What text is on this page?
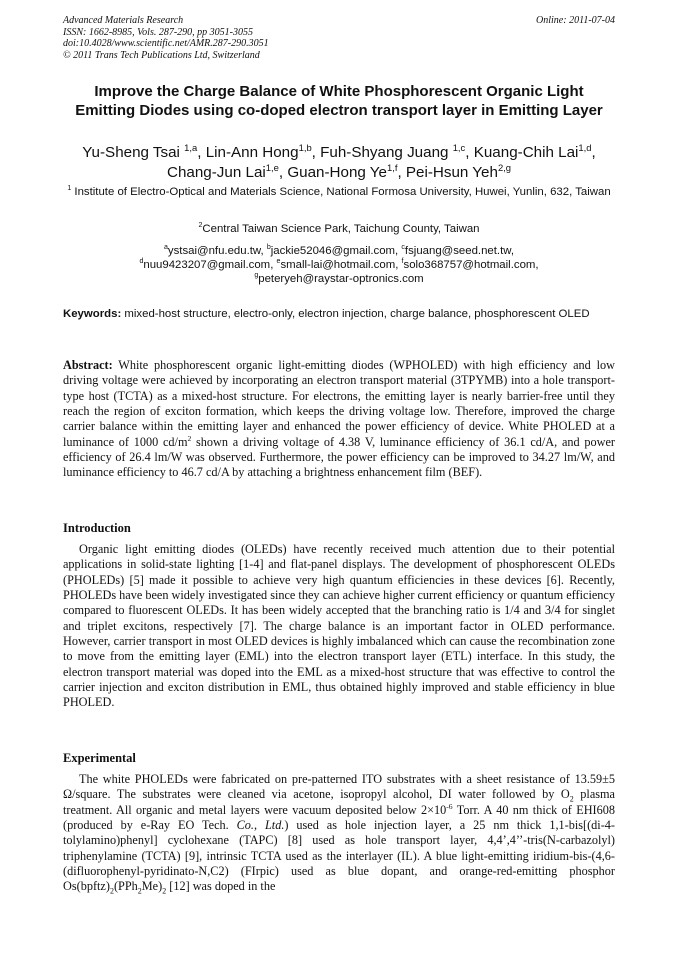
Advanced Materials Research
ISSN: 1662-8985, Vols. 287-290, pp 3051-3055
doi:10.4028/www.scientific.net/AMR.287-290.3051
© 2011 Trans Tech Publications Ltd, Switzerland
Online: 2011-07-04
Improve the Charge Balance of White Phosphorescent Organic Light Emitting Diodes using co-doped electron transport layer in Emitting Layer
Yu-Sheng Tsai $^{1,a}$, Lin-Ann Hong$^{1,b}$, Fuh-Shyang Juang $^{1,c}$, Kuang-Chih Lai$^{1,d}$,
Chang-Jun Lai$^{1,e}$, Guan-Hong Ye$^{1,f}$, Pei-Hsun Yeh$^{2,g}$
$^1$ Institute of Electro-Optical and Materials Science, National Formosa University, Huwei, Yunlin, 632, Taiwan
$^2$Central Taiwan Science Park, Taichung County, Taiwan
$^a$ystsai@nfu.edu.tw, $^b$jackie52046@gmail.com, $^c$fsjuang@seed.net.tw,
$^d$nuu9423207@gmail.com, $^e$small-lai@hotmail.com, $^f$solo368757@hotmail.com,
$^g$peteryeh@raystar-optronics.com
Keywords: mixed-host structure, electro-only, electron injection, charge balance, phosphorescent OLED
Abstract: White phosphorescent organic light-emitting diodes (WPHOLED) with high efficiency and low driving voltage were achieved by incorporating an electron transport material (3TPYMB) into a hole transport-type host (TCTA) as a mixed-host structure. For electrons, the emitting layer is nearly barrier-free until they reach the region of exciton formation, which keeps the driving voltage low. Therefore, improved the charge carrier balance within the emitting layer and enhanced the power efficiency of device. White PHOLED at a luminance of 1000 $cd/m^2$ shown a driving voltage of 4.38 V, luminance efficiency of 36.1 cd/A, and power efficiency of 26.4 lm/W was observed. Furthermore, the power efficiency can be improved to 34.27 lm/W, and luminance efficiency to 46.7 cd/A by attaching a brightness enhancement film (BEF).
Introduction
Organic light emitting diodes (OLEDs) have recently received much attention due to their potential applications in solid-state lighting [1-4] and flat-panel displays. The development of phosphorescent OLEDs (PHOLEDs) [5] made it possible to achieve very high quantum efficiencies in these devices [6]. Recently, PHOLEDs have been widely investigated since they can achieve higher current efficiency or quantum efficiency compared to fluorescent OLEDs. It has been widely accepted that the branching ratio is 1/4 and 3/4 for singlet and triplet excitons, respectively [7]. The charge balance is an important factor in OLED performance. However, carrier transport in most OLED devices is highly imbalanced which can cause the recombination zone to move from the emitting layer (EML) into the electron transport layer (ETL) interface. In this study, the electron transport material was doped into the EML as a mixed-host structure that was effective to control the carrier injection and exciton distribution in EML, thus obtained highly improved and stable efficiency in blue PHOLED.
Experimental
The white PHOLEDs were fabricated on pre-patterned ITO substrates with a sheet resistance of 13.59±5 Ω/square. The substrates were cleaned via acetone, isopropyl alcohol, DI water followed by $O_2$ plasma treatment. All organic and metal layers were vacuum deposited below $2\times 10^{-6}$ Torr. A 40 nm thick of EHI608 (produced by e-Ray EO Tech. Co., Ltd.) used as hole injection layer, a 25 nm thick 1,1-bis[(di-4-tolylamino)phenyl] cyclohexane (TAPC) [8] used as hole transport layer, 4,4’,4’’-tris(N-carbazolyl) triphenylamine (TCTA) [9], intrinsic TCTA used as the interlayer (IL). A blue light-emitting iridium-bis-(4,6-(difluorophenyl-pyridinato-N,C2) (FIrpic) used as blue dopant, and orange-red-emitting phosphor $Os(bpftz)_2(PPh_2Me)_2$ [12] was doped in the
